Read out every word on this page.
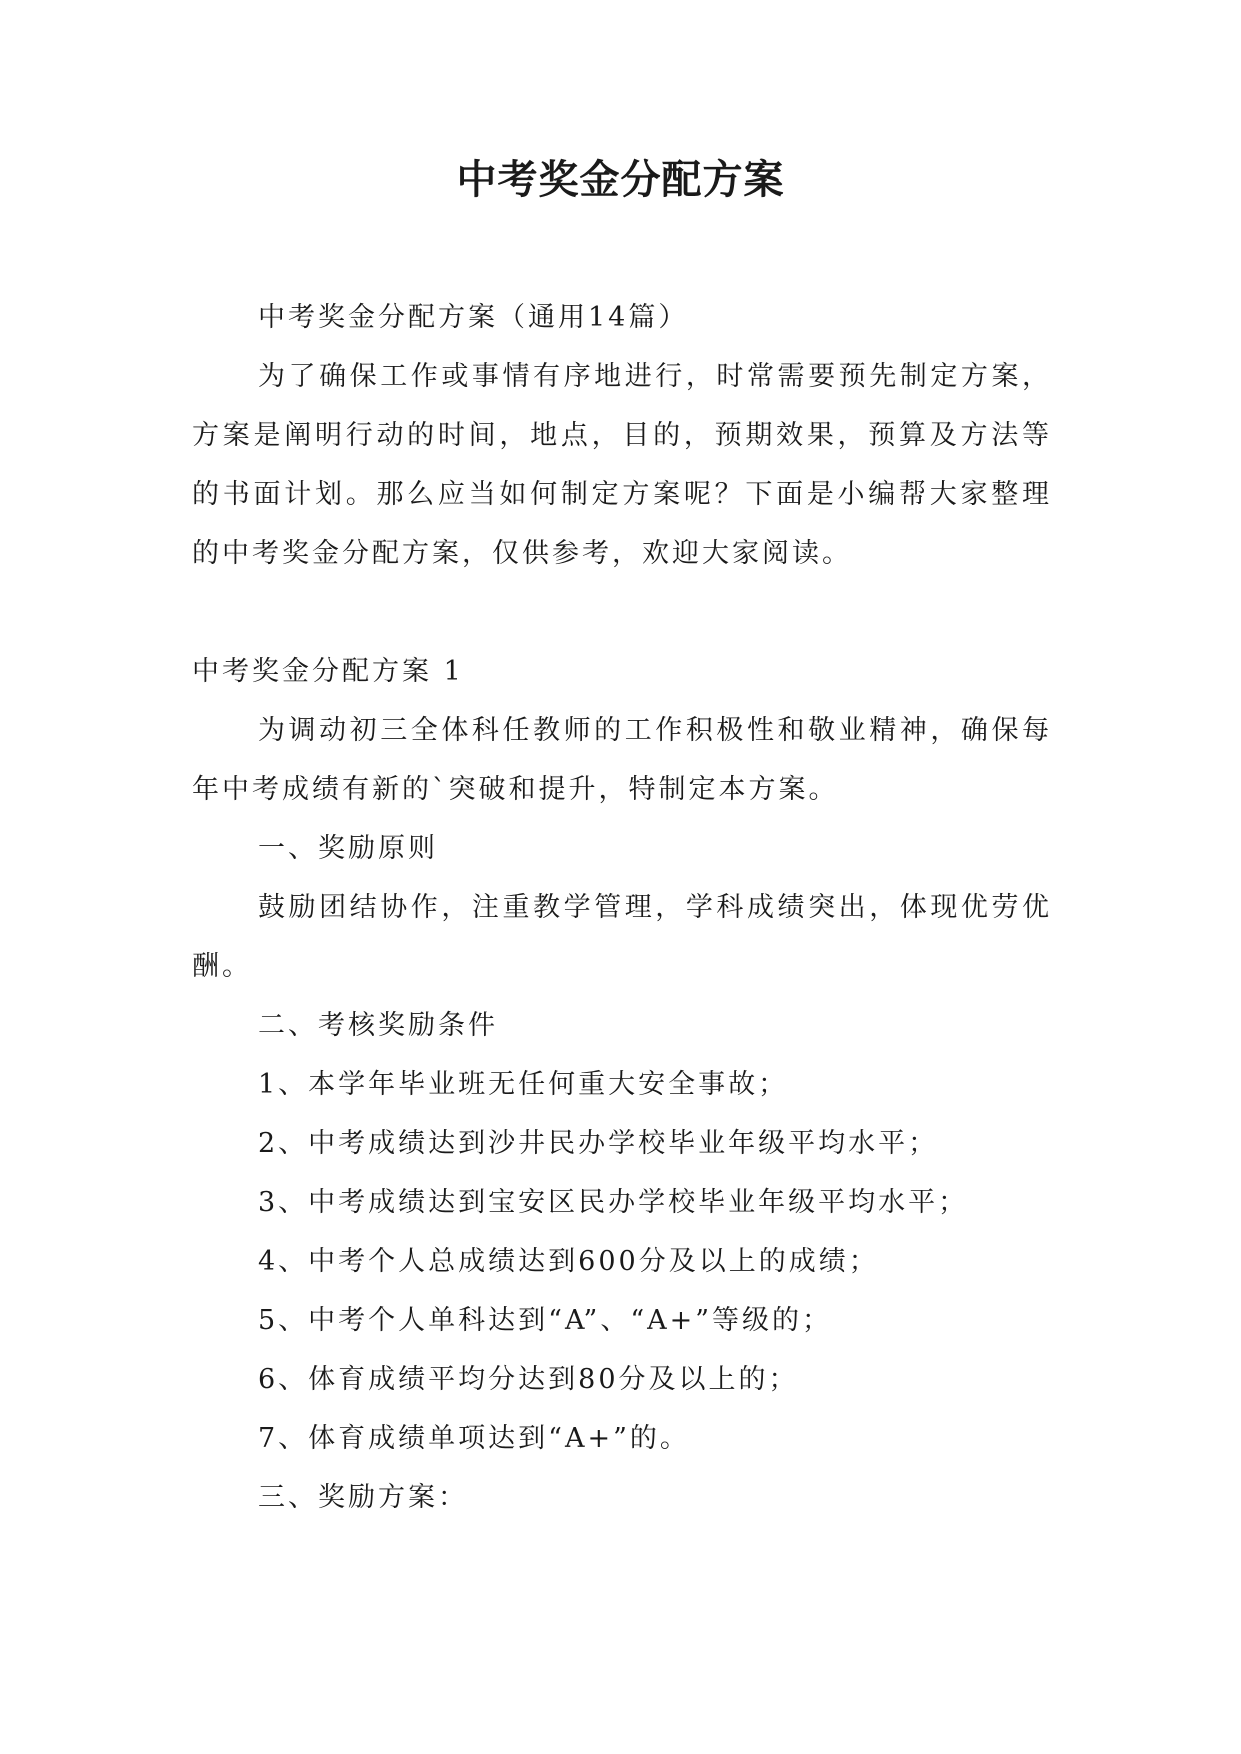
中考奖金分配方案

中考奖金分配方案（通用14篇）

为了确保工作或事情有序地进行，时常需要预先制定方案，方案是阐明行动的时间，地点，目的，预期效果，预算及方法等的书面计划。那么应当如何制定方案呢？下面是小编帮大家整理的中考奖金分配方案，仅供参考，欢迎大家阅读。

中考奖金分配方案 1

为调动初三全体科任教师的工作积极性和敬业精神，确保每年中考成绩有新的`突破和提升，特制定本方案。

一、奖励原则

鼓励团结协作，注重教学管理，学科成绩突出，体现优劳优酬。

二、考核奖励条件

1、本学年毕业班无任何重大安全事故；

2、中考成绩达到沙井民办学校毕业年级平均水平；

3、中考成绩达到宝安区民办学校毕业年级平均水平；

4、中考个人总成绩达到600分及以上的成绩；

5、中考个人单科达到“A”、“A+”等级的；

6、体育成绩平均分达到80分及以上的；

7、体育成绩单项达到“A+”的。

三、奖励方案：
